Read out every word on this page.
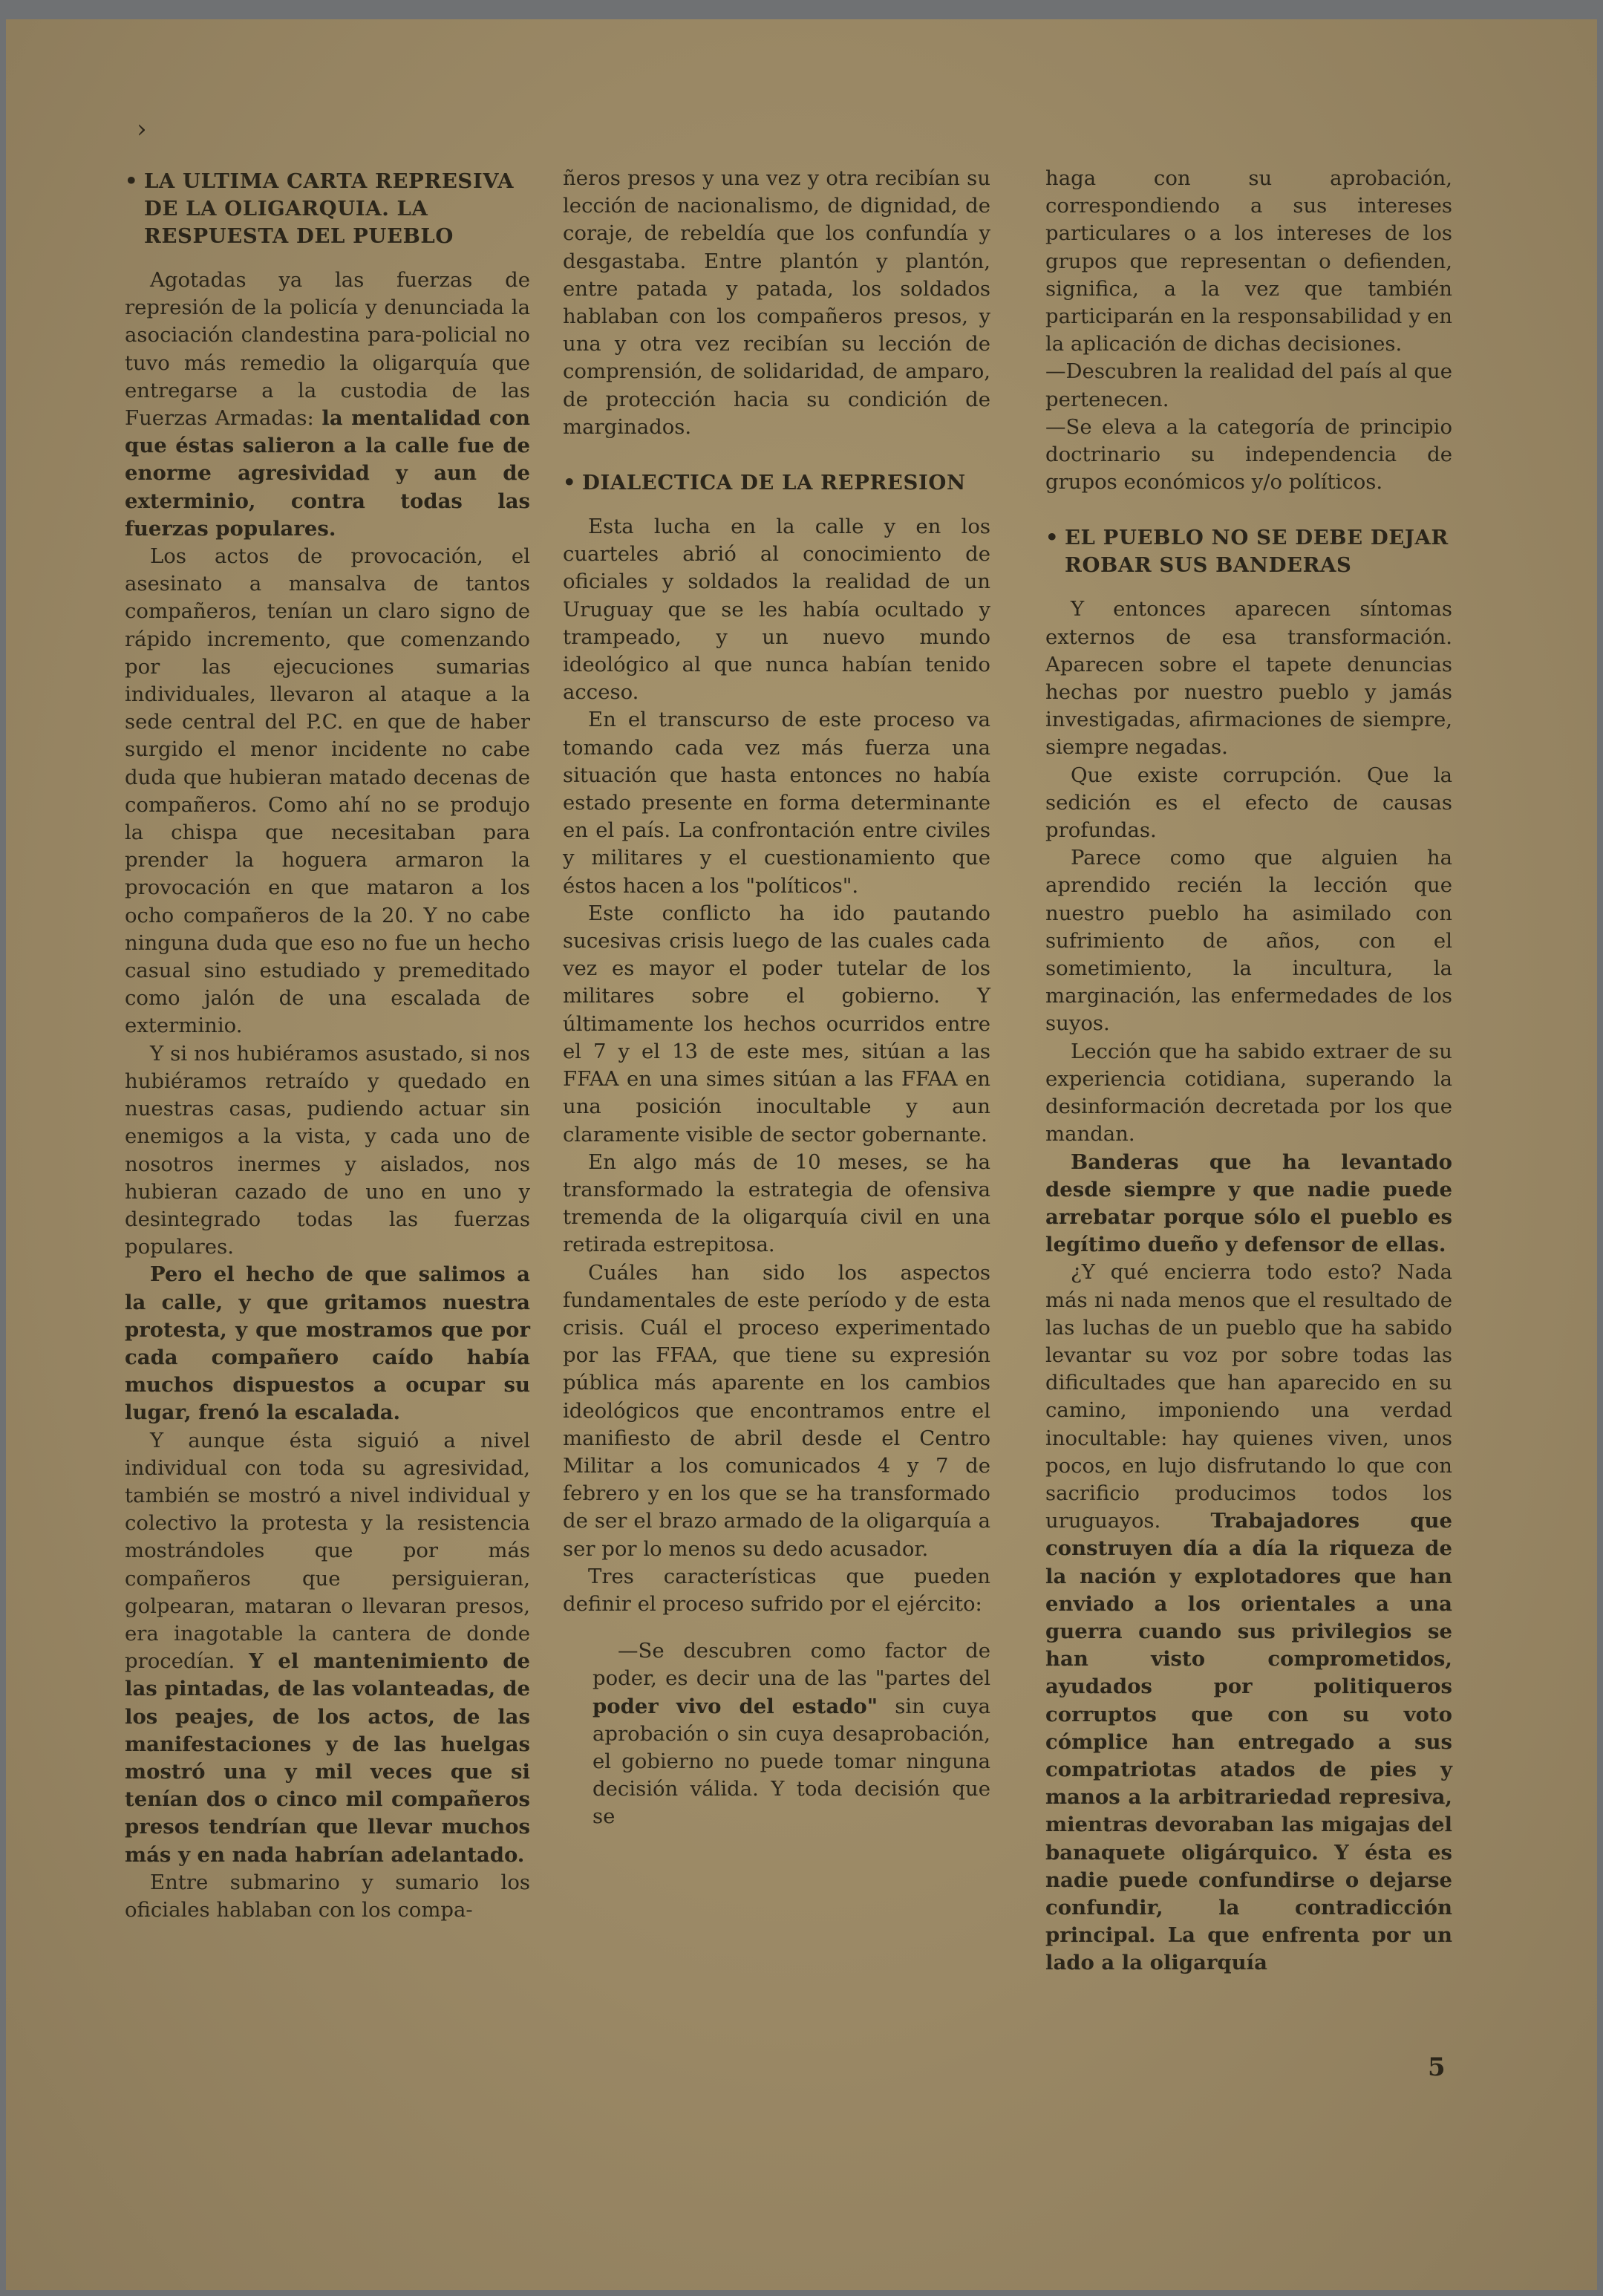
›
• LA ULTIMA CARTA REPRESIVA DE LA OLIGARQUIA. LA RESPUESTA DEL PUEBLO

Agotadas ya las fuerzas de represión de la policía y denunciada la asociación clandestina para-policial no tuvo más remedio la oligarquía que entregarse a la custodia de las Fuerzas Armadas: la mentalidad con que éstas salieron a la calle fue de enorme agresividad y aun de exterminio, contra todas las fuerzas populares.

Los actos de provocación, el asesinato a mansalva de tantos compañeros, tenían un claro signo de rápido incremento, que comenzando por las ejecuciones sumarias individuales, llevaron al ataque a la sede central del P.C. en que de haber surgido el menor incidente no cabe duda que hubieran matado decenas de compañeros. Como ahí no se produjo la chispa que necesitaban para prender la hoguera armaron la provocación en que mataron a los ocho compañeros de la 20. Y no cabe ninguna duda que eso no fue un hecho casual sino estudiado y premeditado como jalón de una escalada de exterminio.

Y si nos hubiéramos asustado, si nos hubiéramos retraído y quedado en nuestras casas, pudiendo actuar sin enemigos a la vista, y cada uno de nosotros inermes y aislados, nos hubieran cazado de uno en uno y desintegrado todas las fuerzas populares.

Pero el hecho de que salimos a la calle, y que gritamos nuestra protesta, y que mostramos que por cada compañero caído había muchos dispuestos a ocupar su lugar, frenó la escalada.

Y aunque ésta siguió a nivel individual con toda su agresividad, también se mostró a nivel individual y colectivo la protesta y la resistencia mostrándoles que por más compañeros que persiguieran, golpearan, mataran o llevaran presos, era inagotable la cantera de donde procedían. Y el mantenimiento de las pintadas, de las volanteadas, de los peajes, de los actos, de las manifestaciones y de las huelgas mostró una y mil veces que si tenían dos o cinco mil compañeros presos tendrían que llevar muchos más y en nada habrían adelantado.

Entre submarino y sumario los oficiales hablaban con los compa-

ñeros presos y una vez y otra recibían su lección de nacionalismo, de dignidad, de coraje, de rebeldía que los confundía y desgastaba. Entre plantón y plantón, entre patada y patada, los soldados hablaban con los compañeros presos, y una y otra vez recibían su lección de comprensión, de solidaridad, de amparo, de protección hacia su condición de marginados.

• DIALECTICA DE LA REPRESION

Esta lucha en la calle y en los cuarteles abrió al conocimiento de oficiales y soldados la realidad de un Uruguay que se les había ocultado y trampeado, y un nuevo mundo ideológico al que nunca habían tenido acceso.

En el transcurso de este proceso va tomando cada vez más fuerza una situación que hasta entonces no había estado presente en forma determinante en el país. La confrontación entre civiles y militares y el cuestionamiento que éstos hacen a los "políticos".

Este conflicto ha ido pautando sucesivas crisis luego de las cuales cada vez es mayor el poder tutelar de los militares sobre el gobierno. Y últimamente los hechos ocurridos entre el 7 y el 13 de este mes, sitúan a las FFAA en una simes sitúan a las FFAA en una posición inocultable y aun claramente visible de sector gobernante.

En algo más de 10 meses, se ha transformado la estrategia de ofensiva tremenda de la oligarquía civil en una retirada estrepitosa.

Cuáles han sido los aspectos fundamentales de este período y de esta crisis. Cuál el proceso experimentado por las FFAA, que tiene su expresión pública más aparente en los cambios ideológicos que encontramos entre el manifiesto de abril desde el Centro Militar a los comunicados 4 y 7 de febrero y en los que se ha transformado de ser el brazo armado de la oligarquía a ser por lo menos su dedo acusador.

Tres características que pueden definir el proceso sufrido por el ejército:

—Se descubren como factor de poder, es decir una de las "partes del poder vivo del estado" sin cuya aprobación o sin cuya desaprobación, el gobierno no puede tomar ninguna decisión válida. Y toda decisión que se

haga con su aprobación, correspondiendo a sus intereses particulares o a los intereses de los grupos que representan o defienden, significa, a la vez que también participarán en la responsabilidad y en la aplicación de dichas decisiones.

—Descubren la realidad del país al que pertenecen.

—Se eleva a la categoría de principio doctrinario su independencia de grupos económicos y/o políticos.

• EL PUEBLO NO SE DEBE DEJAR ROBAR SUS BANDERAS

Y entonces aparecen síntomas externos de esa transformación. Aparecen sobre el tapete denuncias hechas por nuestro pueblo y jamás investigadas, afirmaciones de siempre, siempre negadas.

Que existe corrupción. Que la sedición es el efecto de causas profundas.

Parece como que alguien ha aprendido recién la lección que nuestro pueblo ha asimilado con sufrimiento de años, con el sometimiento, la incultura, la marginación, las enfermedades de los suyos.

Lección que ha sabido extraer de su experiencia cotidiana, superando la desinformación decretada por los que mandan.

Banderas que ha levantado desde siempre y que nadie puede arrebatar porque sólo el pueblo es legítimo dueño y defensor de ellas.

¿Y qué encierra todo esto? Nada más ni nada menos que el resultado de las luchas de un pueblo que ha sabido levantar su voz por sobre todas las dificultades que han aparecido en su camino, imponiendo una verdad inocultable: hay quienes viven, unos pocos, en lujo disfrutando lo que con sacrificio producimos todos los uruguayos. Trabajadores que construyen día a día la riqueza de la nación y explotadores que han enviado a los orientales a una guerra cuando sus privilegios se han visto comprometidos, ayudados por politiqueros corruptos que con su voto cómplice han entregado a sus compatriotas atados de pies y manos a la arbitrariedad represiva, mientras devoraban las migajas del banaquete oligárquico. Y ésta es nadie puede confundirse o dejarse confundir, la contradicción principal. La que enfrenta por un lado a la oligarquía

5
